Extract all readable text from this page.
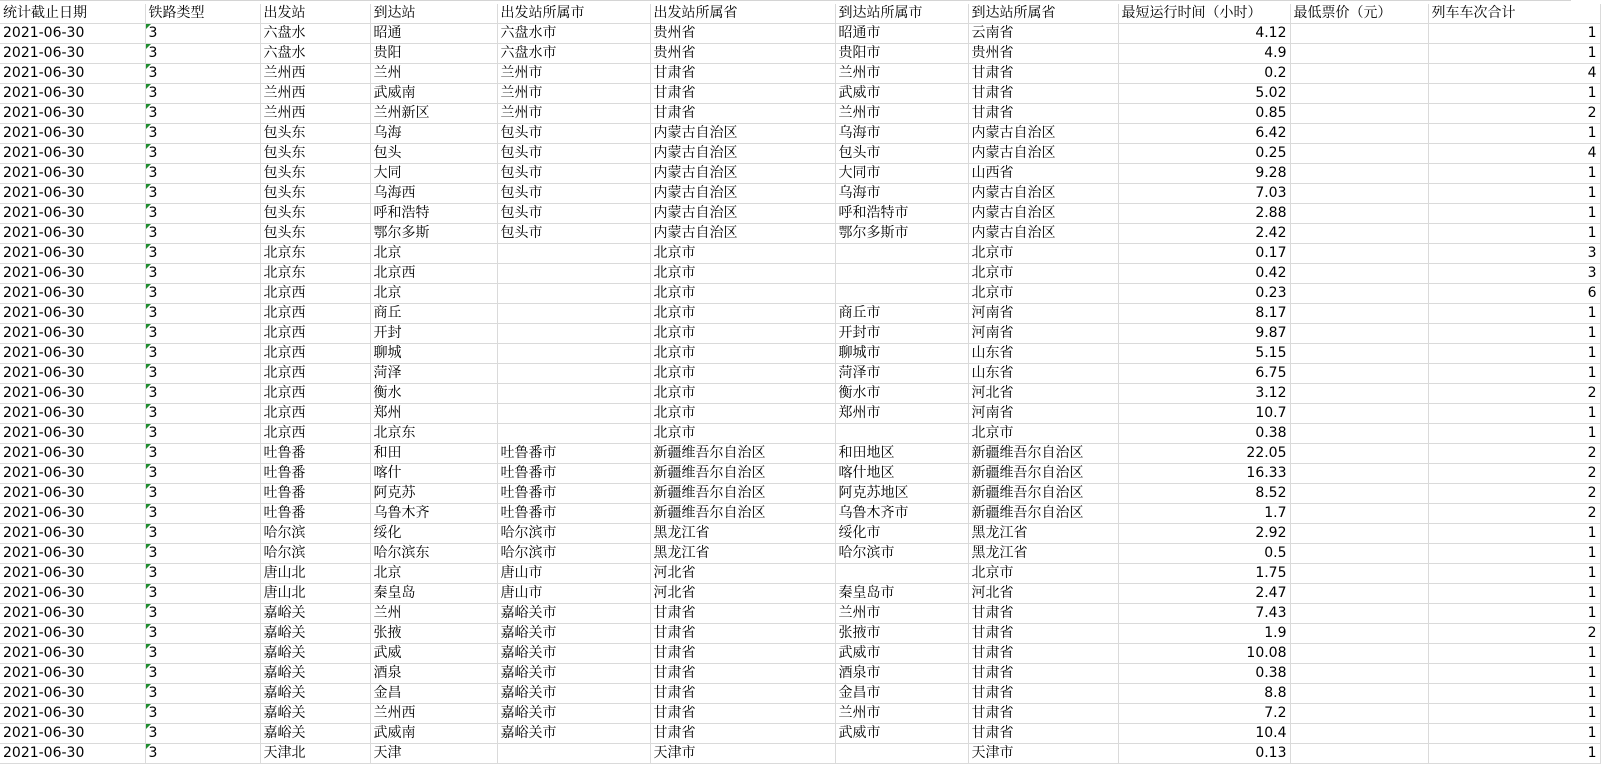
统计截止日期	铁路类型	出发站	到达站	出发站所属市	出发站所属省	到达站所属市	到达站所属省	最短运行时间（小时）	最低票价（元）	列车车次合计
2021-06-30	3	六盘水	昭通	六盘水市	贵州省	昭通市	云南省	4.12		1
2021-06-30	3	六盘水	贵阳	六盘水市	贵州省	贵阳市	贵州省	4.9		1
2021-06-30	3	兰州西	兰州	兰州市	甘肃省	兰州市	甘肃省	0.2		4
2021-06-30	3	兰州西	武威南	兰州市	甘肃省	武威市	甘肃省	5.02		1
2021-06-30	3	兰州西	兰州新区	兰州市	甘肃省	兰州市	甘肃省	0.85		2
2021-06-30	3	包头东	乌海	包头市	内蒙古自治区	乌海市	内蒙古自治区	6.42		1
2021-06-30	3	包头东	包头	包头市	内蒙古自治区	包头市	内蒙古自治区	0.25		4
2021-06-30	3	包头东	大同	包头市	内蒙古自治区	大同市	山西省	9.28		1
2021-06-30	3	包头东	乌海西	包头市	内蒙古自治区	乌海市	内蒙古自治区	7.03		1
2021-06-30	3	包头东	呼和浩特	包头市	内蒙古自治区	呼和浩特市	内蒙古自治区	2.88		1
2021-06-30	3	包头东	鄂尔多斯	包头市	内蒙古自治区	鄂尔多斯市	内蒙古自治区	2.42		1
2021-06-30	3	北京东	北京		北京市		北京市	0.17		3
2021-06-30	3	北京东	北京西		北京市		北京市	0.42		3
2021-06-30	3	北京西	北京		北京市		北京市	0.23		6
2021-06-30	3	北京西	商丘		北京市	商丘市	河南省	8.17		1
2021-06-30	3	北京西	开封		北京市	开封市	河南省	9.87		1
2021-06-30	3	北京西	聊城		北京市	聊城市	山东省	5.15		1
2021-06-30	3	北京西	菏泽		北京市	菏泽市	山东省	6.75		1
2021-06-30	3	北京西	衡水		北京市	衡水市	河北省	3.12		2
2021-06-30	3	北京西	郑州		北京市	郑州市	河南省	10.7		1
2021-06-30	3	北京西	北京东		北京市		北京市	0.38		1
2021-06-30	3	吐鲁番	和田	吐鲁番市	新疆维吾尔自治区	和田地区	新疆维吾尔自治区	22.05		2
2021-06-30	3	吐鲁番	喀什	吐鲁番市	新疆维吾尔自治区	喀什地区	新疆维吾尔自治区	16.33		2
2021-06-30	3	吐鲁番	阿克苏	吐鲁番市	新疆维吾尔自治区	阿克苏地区	新疆维吾尔自治区	8.52		2
2021-06-30	3	吐鲁番	乌鲁木齐	吐鲁番市	新疆维吾尔自治区	乌鲁木齐市	新疆维吾尔自治区	1.7		2
2021-06-30	3	哈尔滨	绥化	哈尔滨市	黑龙江省	绥化市	黑龙江省	2.92		1
2021-06-30	3	哈尔滨	哈尔滨东	哈尔滨市	黑龙江省	哈尔滨市	黑龙江省	0.5		1
2021-06-30	3	唐山北	北京	唐山市	河北省		北京市	1.75		1
2021-06-30	3	唐山北	秦皇岛	唐山市	河北省	秦皇岛市	河北省	2.47		1
2021-06-30	3	嘉峪关	兰州	嘉峪关市	甘肃省	兰州市	甘肃省	7.43		1
2021-06-30	3	嘉峪关	张掖	嘉峪关市	甘肃省	张掖市	甘肃省	1.9		2
2021-06-30	3	嘉峪关	武威	嘉峪关市	甘肃省	武威市	甘肃省	10.08		1
2021-06-30	3	嘉峪关	酒泉	嘉峪关市	甘肃省	酒泉市	甘肃省	0.38		1
2021-06-30	3	嘉峪关	金昌	嘉峪关市	甘肃省	金昌市	甘肃省	8.8		1
2021-06-30	3	嘉峪关	兰州西	嘉峪关市	甘肃省	兰州市	甘肃省	7.2		1
2021-06-30	3	嘉峪关	武威南	嘉峪关市	甘肃省	武威市	甘肃省	10.4		1
2021-06-30	3	天津北	天津		天津市		天津市	0.13		1
